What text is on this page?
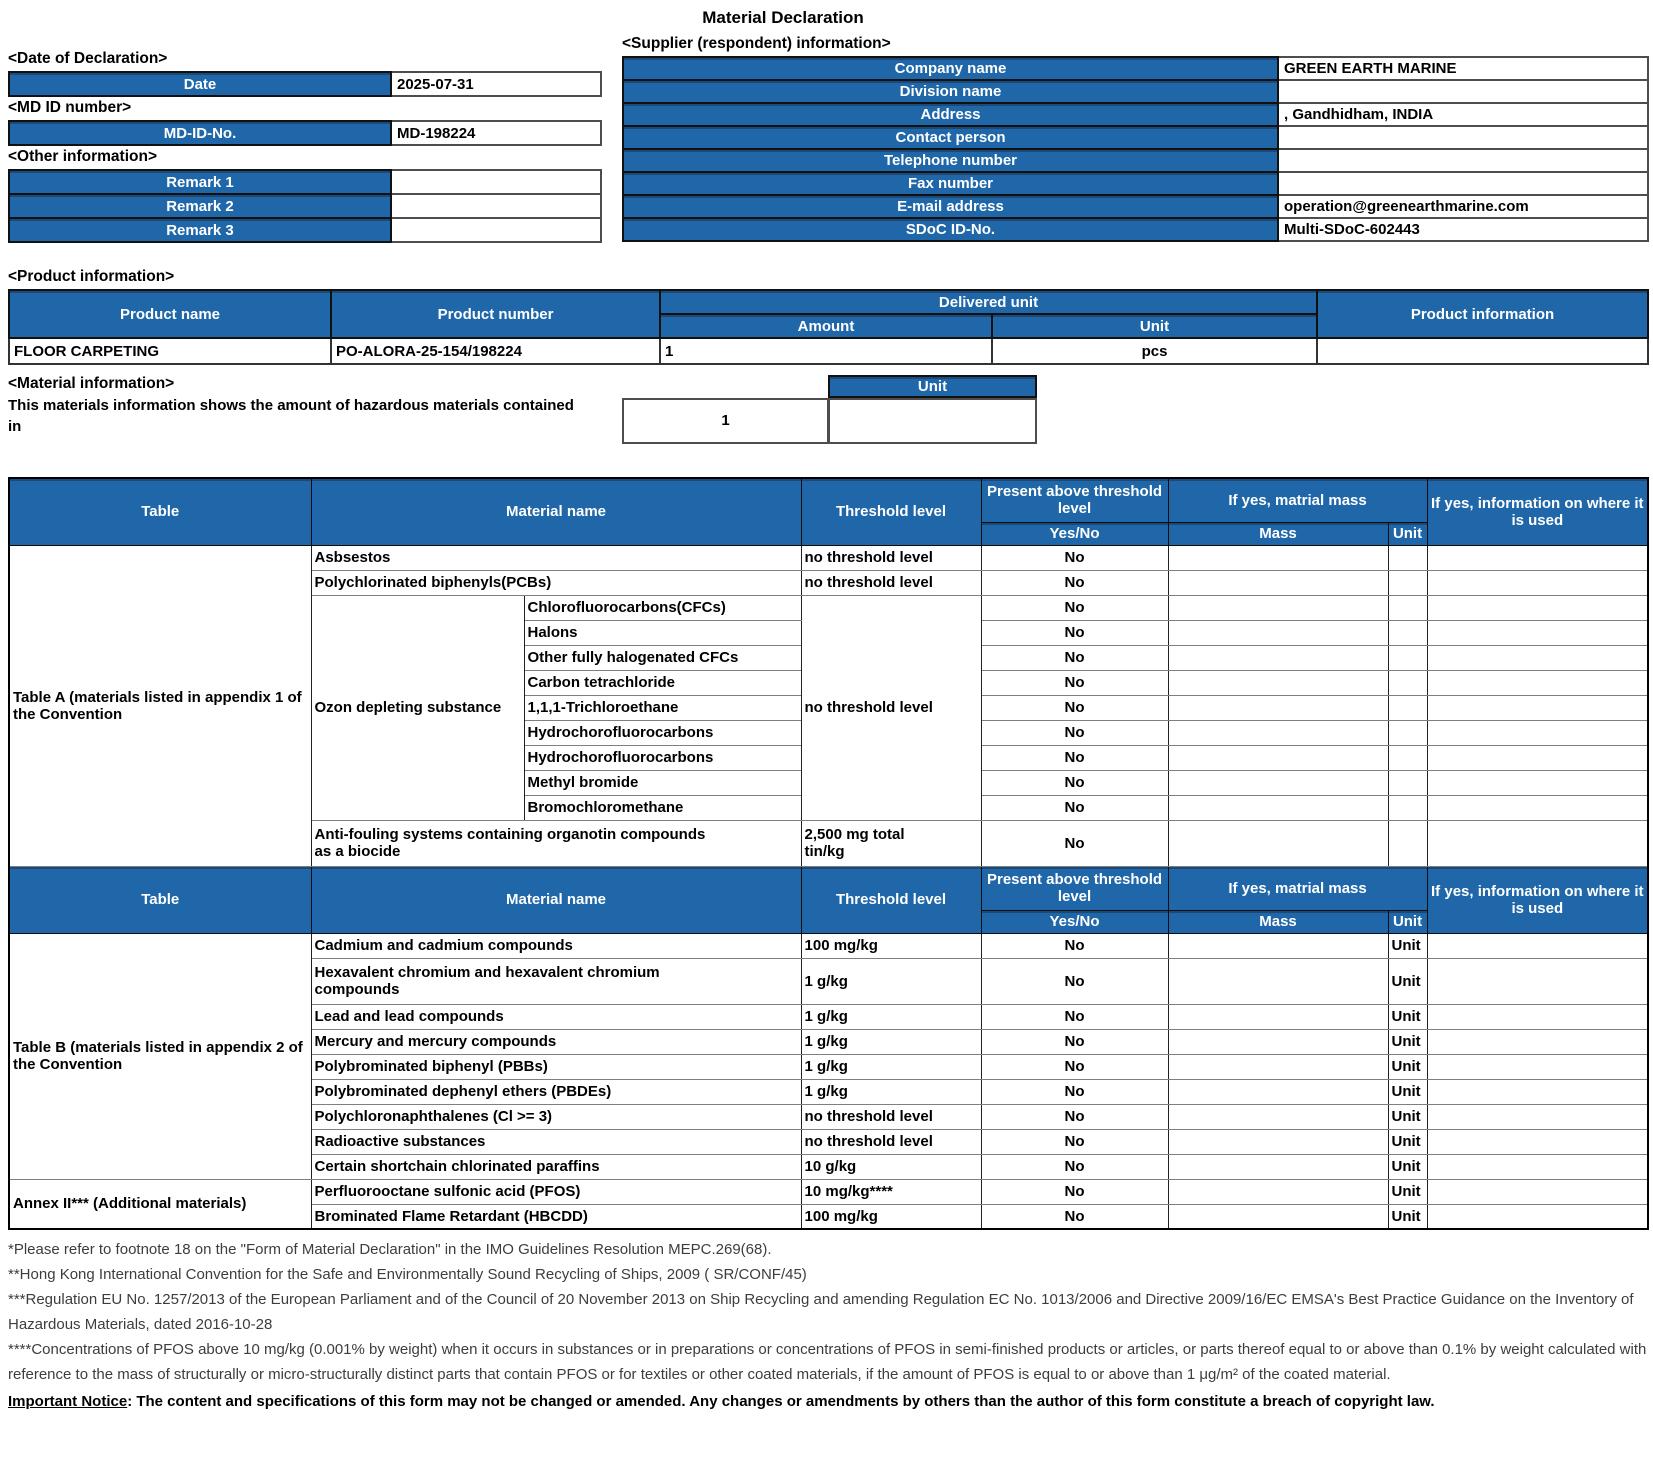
Material Declaration
<Date of Declaration>
Date	2025-07-31
<MD ID number>
MD-ID-No.	MD-198224
<Other information>
Remark 1	
Remark 2	
Remark 3	
<Supplier (respondent) information>
Company name	GREEN EARTH MARINE
Division name	
Address	, Gandhidham, INDIA
Contact person	
Telephone number	
Fax number	
E-mail address	operation@greenearthmarine.com
SDoC ID-No.	Multi-SDoC-602443
<Product information>
Product name	Product number	Delivered unit		Product information
		Amount	Unit	
FLOOR CARPETING	PO-ALORA-25-154/198224	1	pcs	
<Material information>
This materials information shows the amount of hazardous materials contained in
Unit
1
Table	Material name		Threshold level	Present above threshold level	If yes, matrial mass		If yes, information on where it is used
				Yes/No	Mass	Unit	
Table A (materials listed in appendix 1 of the Convention	Asbsestos		no threshold level	No			
	Polychlorinated biphenyls(PCBs)		no threshold level	No			
	Ozon depleting substance	Chlorofluorocarbons(CFCs)	no threshold level	No			
		Halons		No			
		Other fully halogenated CFCs		No			
		Carbon tetrachloride		No			
		1,1,1-Trichloroethane		No			
		Hydrochorofluorocarbons		No			
		Hydrochorofluorocarbons		No			
		Methyl bromide		No			
		Bromochloromethane		No			
	Anti-fouling systems containing organotin compounds as a biocide		2,500 mg total tin/kg	No			
Table	Material name		Threshold level	Present above threshold level	If yes, matrial mass		If yes, information on where it is used
				Yes/No	Mass	Unit	
Table B (materials listed in appendix 2 of the Convention	Cadmium and cadmium compounds		100 mg/kg	No		Unit	
	Hexavalent chromium and hexavalent chromium compounds		1 g/kg	No		Unit	
	Lead and lead compounds		1 g/kg	No		Unit	
	Mercury and mercury compounds		1 g/kg	No		Unit	
	Polybrominated biphenyl (PBBs)		1 g/kg	No		Unit	
	Polybrominated dephenyl ethers (PBDEs)		1 g/kg	No		Unit	
	Polychloronaphthalenes (Cl >= 3)		no threshold level	No		Unit	
	Radioactive substances		no threshold level	No		Unit	
	Certain shortchain chlorinated paraffins		10 g/kg	No		Unit	
Annex II*** (Additional materials)	Perfluorooctane sulfonic acid (PFOS)		10 mg/kg****	No		Unit	
	Brominated Flame Retardant (HBCDD)		100 mg/kg	No		Unit	
*Please refer to footnote 18 on the "Form of Material Declaration" in the IMO Guidelines Resolution MEPC.269(68).
**Hong Kong International Convention for the Safe and Environmentally Sound Recycling of Ships, 2009 ( SR/CONF/45)
***Regulation EU No. 1257/2013 of the European Parliament and of the Council of 20 November 2013 on Ship Recycling and amending Regulation EC No. 1013/2006 and Directive 2009/16/EC EMSA's Best Practice Guidance on the Inventory of Hazardous Materials, dated 2016-10-28
****Concentrations of PFOS above 10 mg/kg (0.001% by weight) when it occurs in substances or in preparations or concentrations of PFOS in semi-finished products or articles, or parts thereof equal to or above than 0.1% by weight calculated with reference to the mass of structurally or micro-structurally distinct parts that contain PFOS or for textiles or other coated materials, if the amount of PFOS is equal to or above than 1 μg/m² of the coated material.
Important Notice: The content and specifications of this form may not be changed or amended. Any changes or amendments by others than the author of this form constitute a breach of copyright law.
